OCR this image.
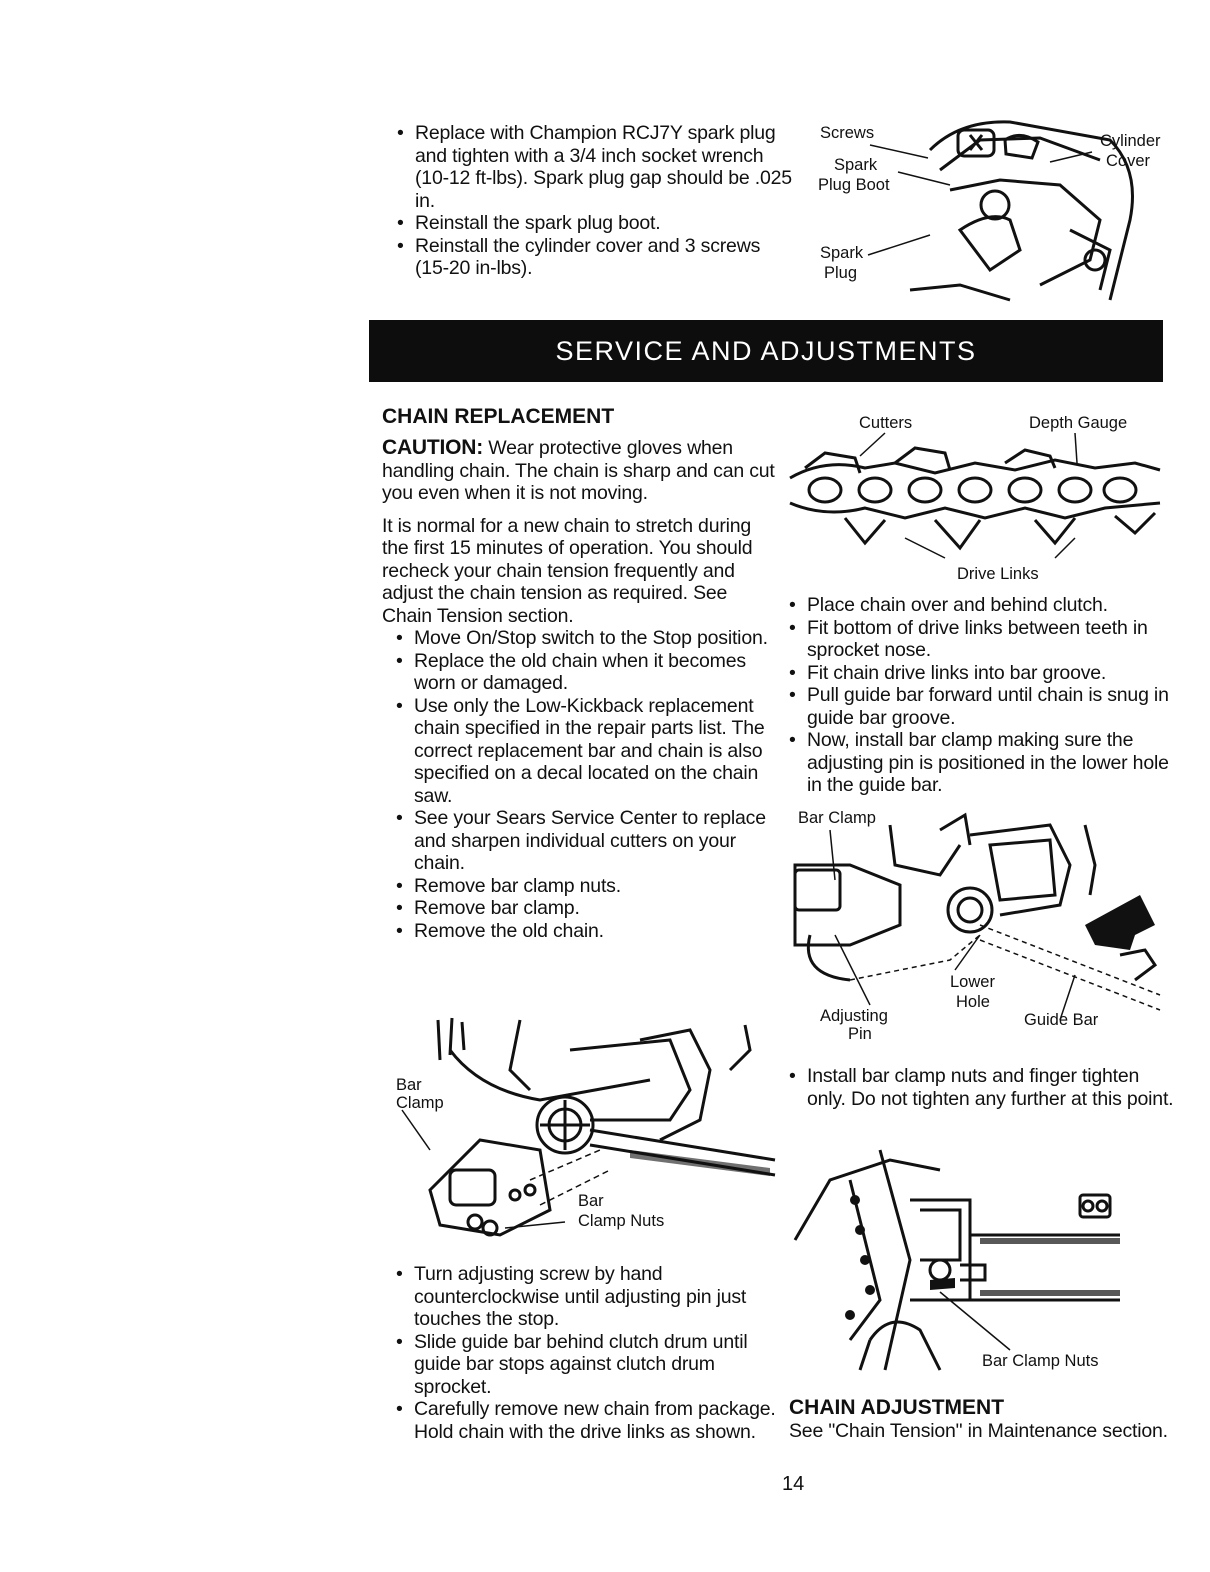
• Replace with Champion RCJ7Y spark plug and tighten with a 3/4 inch socket wrench (10-12 ft-lbs). Spark plug gap should be .025 in.
• Reinstall the spark plug boot.
• Reinstall the cylinder cover and 3 screws (15-20 in-lbs).
Screws
Spark
Plug Boot
Spark
Plug
Cylinder
Cover
SERVICE AND ADJUSTMENTS

CHAIN REPLACEMENT

CAUTION: Wear protective gloves when handling chain. The chain is sharp and can cut you even when it is not moving.

It is normal for a new chain to stretch during the first 15 minutes of operation. You should recheck your chain tension frequently and adjust the chain tension as required. See Chain Tension section.

• Move On/Stop switch to the Stop position.
• Replace the old chain when it becomes worn or damaged.
• Use only the Low-Kickback replacement chain specified in the repair parts list. The correct replacement bar and chain is also specified on a decal located on the chain saw.
• See your Sears Service Center to replace and sharpen individual cutters on your chain.
• Remove bar clamp nuts.
• Remove bar clamp.
• Remove the old chain.
Bar
Clamp
Bar
Clamp Nuts
• Turn adjusting screw by hand counterclockwise until adjusting pin just touches the stop.
• Slide guide bar behind clutch drum until guide bar stops against clutch drum sprocket.
• Carefully remove new chain from package. Hold chain with the drive links as shown.
Cutters	Depth Gauge
Drive Links
• Place chain over and behind clutch.
• Fit bottom of drive links between teeth in sprocket nose.
• Fit chain drive links into bar groove.
• Pull guide bar forward until chain is snug in guide bar groove.
• Now, install bar clamp making sure the adjusting pin is positioned in the lower hole in the guide bar.
Bar Clamp
Lower
Hole
Adjusting
Pin
Guide Bar
• Install bar clamp nuts and finger tighten only. Do not tighten any further at this point.
Bar Clamp Nuts

CHAIN ADJUSTMENT

See "Chain Tension" in Maintenance section.

14
